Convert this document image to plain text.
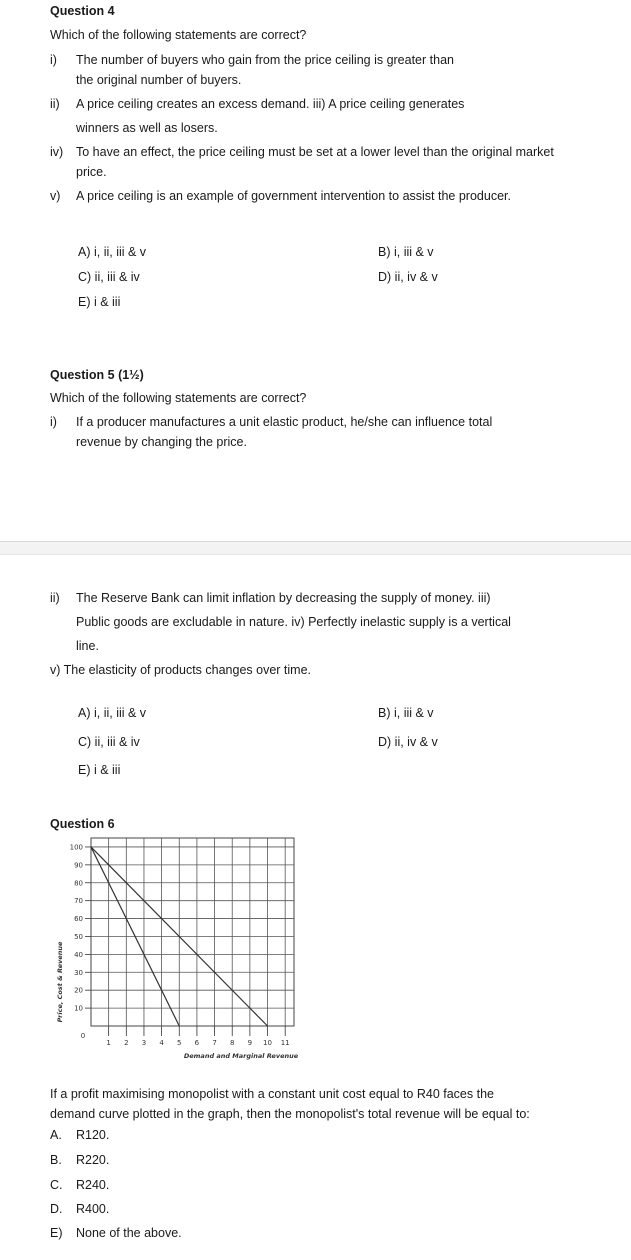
Question 4
Which of the following statements are correct?
i) The number of buyers who gain from the price ceiling is greater than
the original number of buyers.
ii) A price ceiling creates an excess demand. iii) A price ceiling generates
winners as well as losers.
iv) To have an effect, the price ceiling must be set at a lower level than the original market
price.
v) A price ceiling is an example of government intervention to assist the producer.
A) i, ii, iii & v	B) i, iii & v
C) ii, iii & iv	D) ii, iv & v
E) i & iii
Question 5 (1½)
Which of the following statements are correct?
i) If a producer manufactures a unit elastic product, he/she can influence total
revenue by changing the price.
ii) The Reserve Bank can limit inflation by decreasing the supply of money. iii)
Public goods are excludable in nature. iv) Perfectly inelastic supply is a vertical
line.
v) The elasticity of products changes over time.
A) i, ii, iii & v	B) i, iii & v
C) ii, iii & iv	D) ii, iv & v
E) i & iii
Question 6
10
20
30
40
50
60
70
80
90
100
1 2 3 4 5 6 7 8 9 10 11
Price, Cost & Revenue
Demand and Marginal Revenue
0
If a profit maximising monopolist with a constant unit cost equal to R40 faces the
demand curve plotted in the graph, then the monopolist's total revenue will be equal to:
A. R120.
B. R220.
C. R240.
D. R400.
E) None of the above.
